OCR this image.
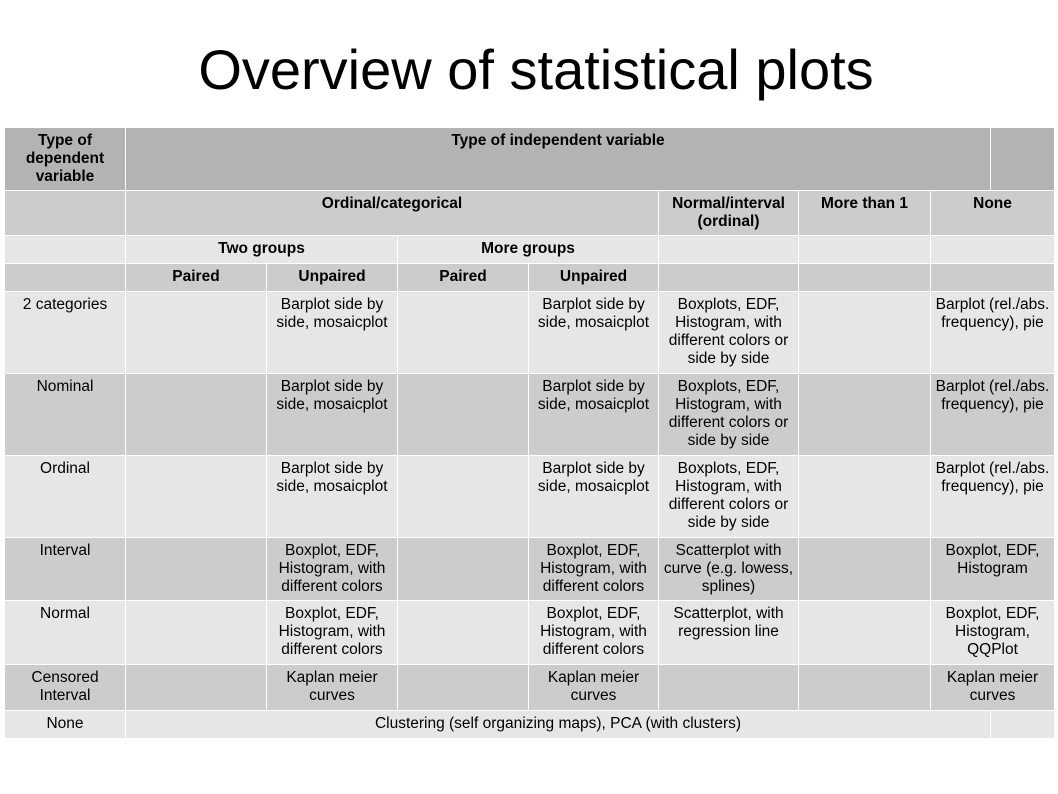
Overview of statistical plots
Type of dependent variable	Type of independent variable							
	Ordinal/categorical				Normal/interval (ordinal)	More than 1	None	
	Two groups		More groups					
	Paired	Unpaired	Paired	Unpaired				
2 categories		Barplot side by side, mosaicplot		Barplot side by side, mosaicplot	Boxplots, EDF, Histogram, with different colors or side by side		Barplot (rel./abs. frequency), pie	
Nominal		Barplot side by side, mosaicplot		Barplot side by side, mosaicplot	Boxplots, EDF, Histogram, with different colors or side by side		Barplot (rel./abs. frequency), pie	
Ordinal		Barplot side by side, mosaicplot		Barplot side by side, mosaicplot	Boxplots, EDF, Histogram, with different colors or side by side		Barplot (rel./abs. frequency), pie	
Interval		Boxplot, EDF, Histogram, with different colors		Boxplot, EDF, Histogram, with different colors	Scatterplot with curve (e.g. lowess, splines)		Boxplot, EDF, Histogram	
Normal		Boxplot, EDF, Histogram, with different colors		Boxplot, EDF, Histogram, with different colors	Scatterplot, with regression line		Boxplot, EDF, Histogram, QQPlot	
Censored Interval		Kaplan meier curves		Kaplan meier curves			Kaplan meier curves	
None	Clustering (self organizing maps), PCA (with clusters)							
